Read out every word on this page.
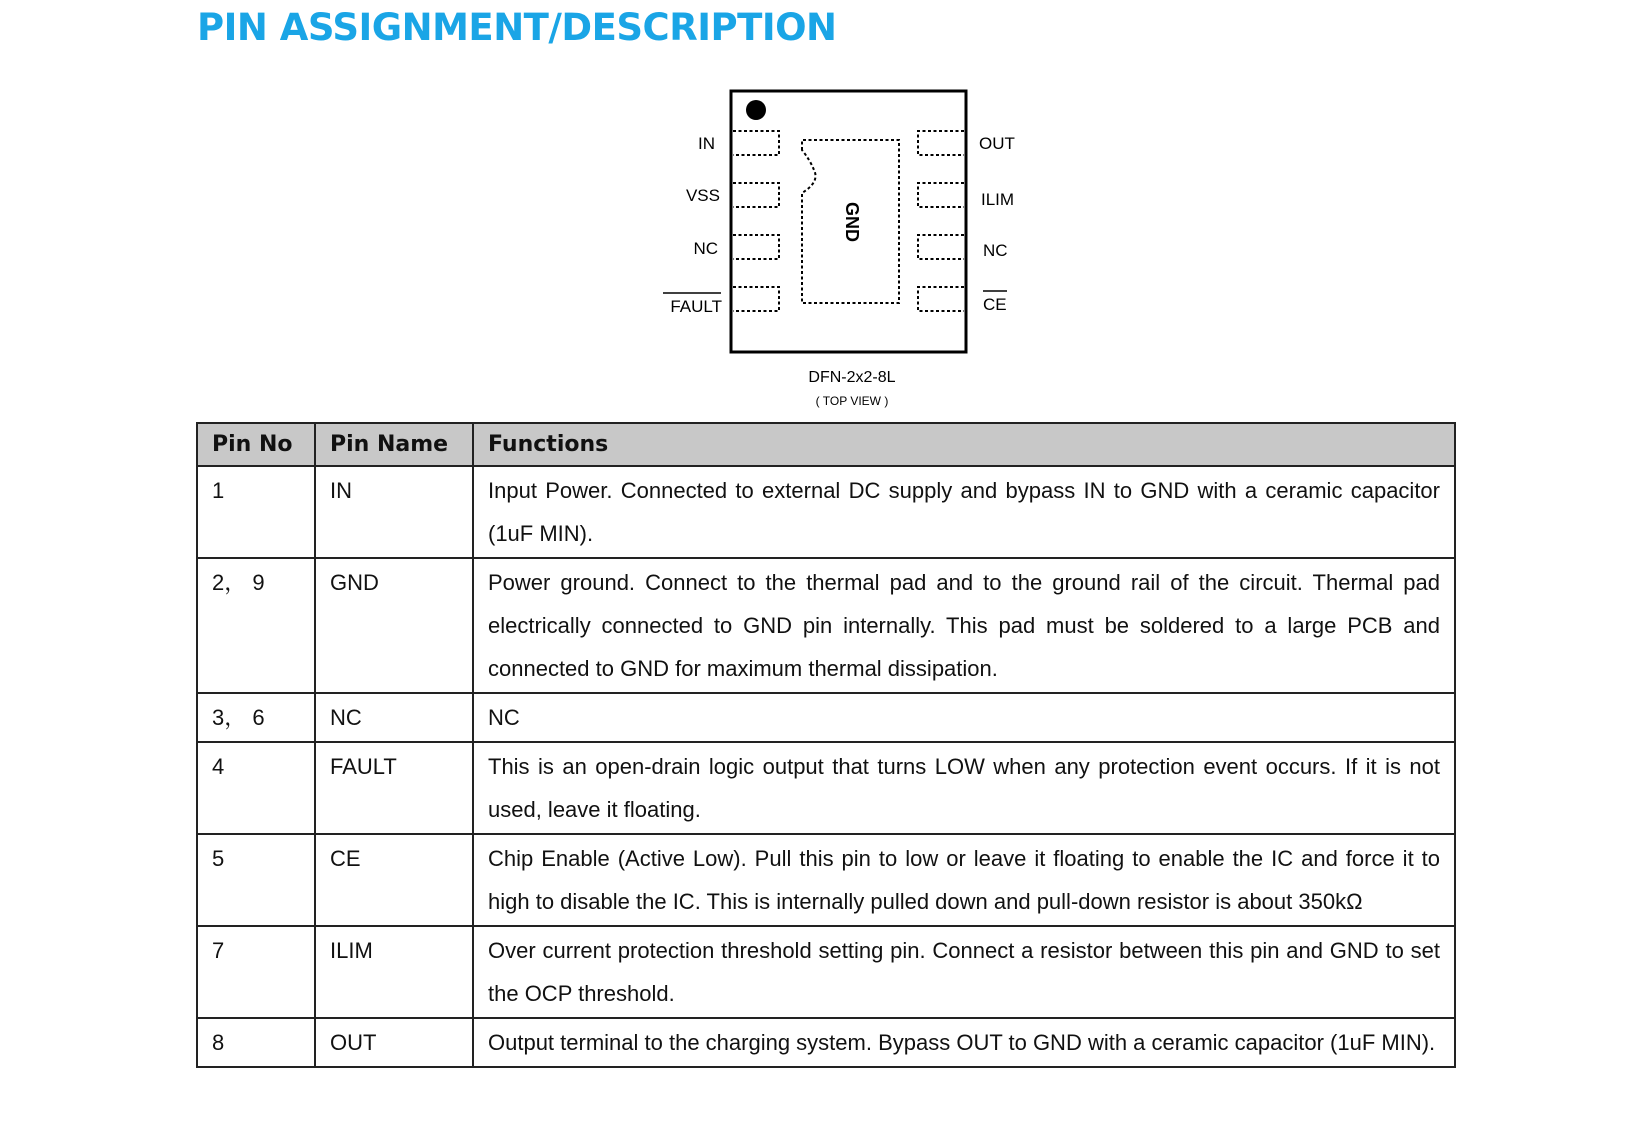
PIN ASSIGNMENT/DESCRIPTION
GND
IN
VSS
NC
FAULT
OUT
ILIM
NC
CE
DFN-2x2-8L
( TOP VIEW )
Pin No	Pin Name	Functions
1	IN	Input Power. Connected to external DC supply and bypass IN to GND with a ceramic capacitor (1uF MIN).
2， 9	GND	Power ground. Connect to the thermal pad and to the ground rail of the circuit. Thermal pad electrically connected to GND pin internally. This pad must be soldered to a large PCB and connected to GND for maximum thermal dissipation.
3， 6	NC	NC
4	FAULT	This is an open-drain logic output that turns LOW when any protection event occurs. If it is not used, leave it floating.
5	CE	Chip Enable (Active Low). Pull this pin to low or leave it floating to enable the IC and force it to high to disable the IC. This is internally pulled down and pull-down resistor is about 350kΩ
7	ILIM	Over current protection threshold setting pin. Connect a resistor between this pin and GND to set the OCP threshold.
8	OUT	Output terminal to the charging system. Bypass OUT to GND with a ceramic capacitor (1uF MIN).
